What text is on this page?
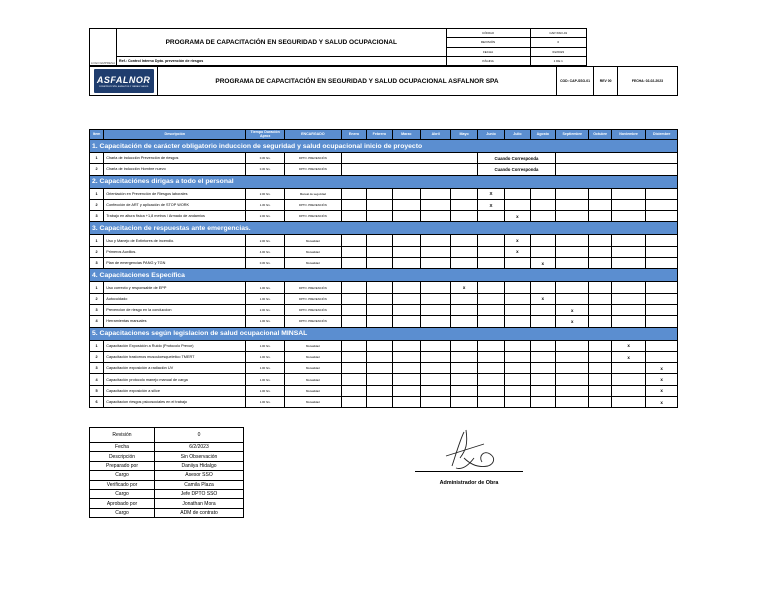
LOGO EMPRESA	PROGRAMA DE CAPACITACIÓN EN SEGURIDAD Y SALUD OCUPACIONAL	CÓDIGO	CAP-SSO-01
		REVISIÓN	0
		FECHA	6/2/2023
	Ref.: Control Interno Dpto. prevención de riesgos	PÁGINA	1 DE 1
ASFALNOR
CONSTRUCCIÓN, ASFALTOS Y OBRAS VIALES
	PROGRAMA DE CAPACITACIÓN EN SEGURIDAD Y SALUD OCUPACIONAL ASFALNOR SPA	COD: CAP-SSO-01	REV 00	FECHA: 02-02-2023
Item	Descripción	Tiempo Duración Aprox	ENCARGADO	Enero	Febrero	Marzo	Abril	Mayo	Junio	Julio	Agosto	Septiembre	Octubre	Noviembre	Diciembre
1. Capacitación de carácter obligatorio induccion de seguridad y salud ocupacional inicio de proyecto															
1	Charla de inducción Prevención de riesgos	0.30 hrs.	DPTO. PREVENCIÓN						Cuando Corresponda						
2	Charla de inducción Hombre nuevo	0.30 hrs.	DPTO. PREVENCIÓN						Cuando Corresponda						
2. Capacitaciónes dirigas a todo el personal															
1	Orientación en Prevención de Riesgos laborales	2.00 hrs.	Manual de seguridad						X						
2	Confección de ART y aplicación de STOP WORK	1.30 hrs.	DPTO. PREVENCIÓN						X						
3	Trabajo en altura física +1,8 metros / Armado de andamios	2.00 hrs.	DPTO. PREVENCIÓN							x					
3. Capacitacion de respuestas ante emergencias.															
1	Uso y Manejo de Extintores de incendio.	2.00 hrs.	Mutualidad							x					
2	Primeros Auxilios.	4.00 hrs.	Mutualidad							x					
3	Plan de emergencias PANG y TGN	0.30 hrs.	Mutualidad								x				
4. Capacitaciones Específica															
1	Uso correcto y responsable de EPP	1.00 hrs.	DPTO. PREVENCIÓN					x							
2	Autocuidado	1.00 hrs.	DPTO. PREVENCIÓN								x				
3	Prevencion de riesgo en la conduccion	2.00 hrs.	DPTO. PREVENCIÓN									x			
4	Herramientas manuales	1.00 hrs.	DPTO. PREVENCIÓN									x			
5. Capacitaciones según legislacion de salud ocupacional MINSAL															
1	Capacitación Exposición a Ruido (Protocolo Prexor)	1.00 hrs.	Mutualidad											x	
2	Capacitación trastornos musculoesqueletico TMERT	1.00 hrs.	Mutualidad											x	
3	Capacitación exposición a radiación UV	1.00 hrs.	Mutualidad												x
4	Capacitación protocolo manejo manual de carga	1.00 hrs.	Mutualidad												x
5	Capacitación exposición a sílice	1.00 hrs.	Mutualidad												x
6	Capacitacion riesgos psicosociales en el trabajo	1.00 hrs.	Mutualidad												x
Revisión	0
Fecha	6/2/2023
Descripción	Sin Observación
Preparado por	Daniiya Hidalgo
Cargo	Asesor SSO
Verificado por	Camila Plaza
Cargo	Jefe DPTO SSO
Aprobado por	Jonathan Mora
Cargo	ADM de contrato
Administrador de Obra
